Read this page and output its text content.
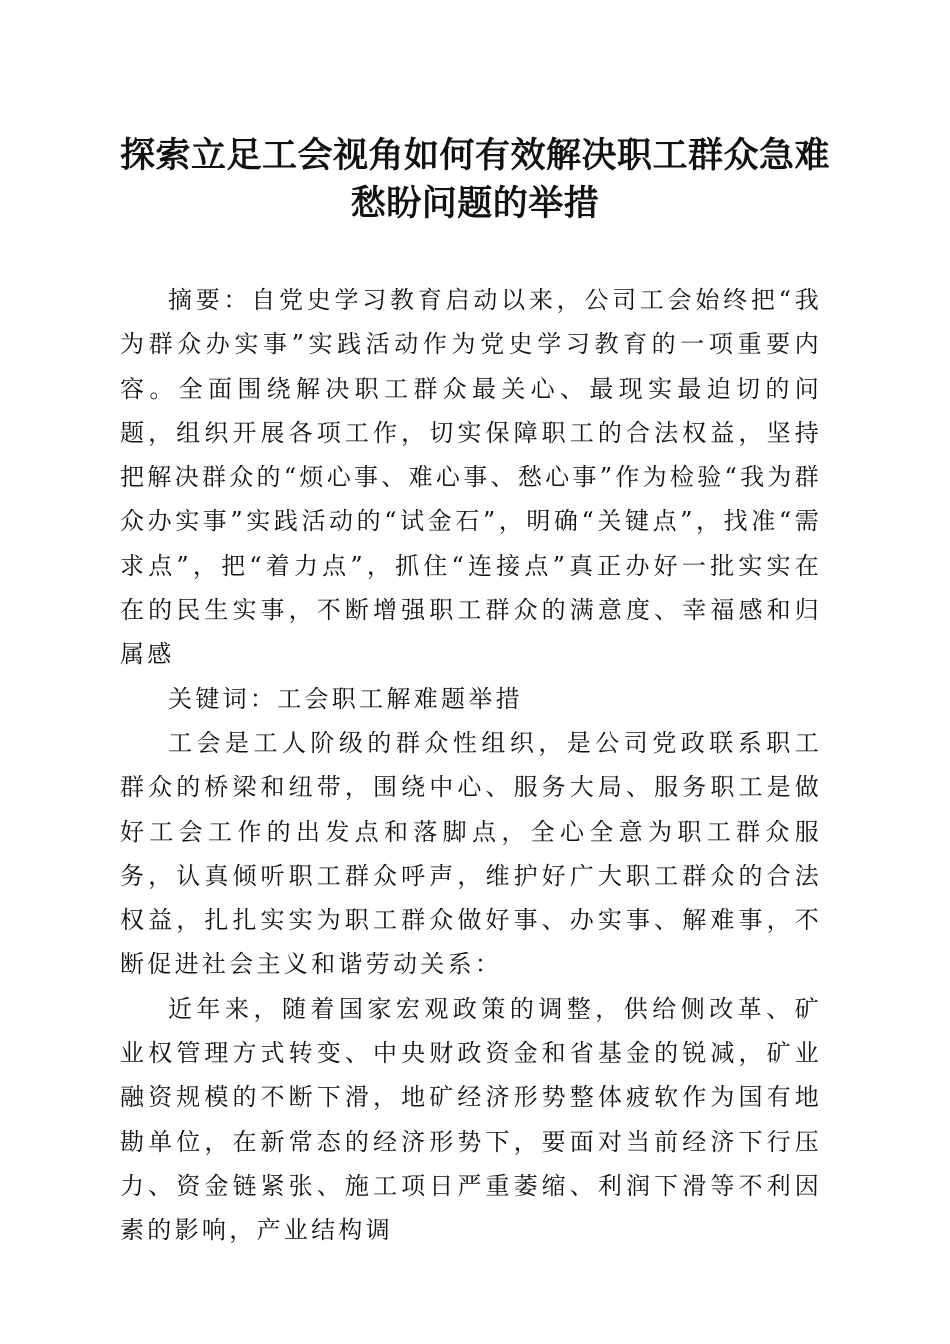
探索立足工会视角如何有效解决职工群众急难愁盼问题的举措

摘要：自党史学习教育启动以来，公司工会始终把“我为群众办实事”实践活动作为党史学习教育的一项重要内容。全面围绕解决职工群众最关心、最现实最迫切的问题，组织开展各项工作，切实保障职工的合法权益，坚持把解决群众的“烦心事、难心事、愁心事”作为检验“我为群众办实事”实践活动的“试金石”，明确“关键点”，找准“需求点”，把“着力点”，抓住“连接点”真正办好一批实实在在的民生实事，不断增强职工群众的满意度、幸福感和归属感

关键词：工会职工解难题举措

工会是工人阶级的群众性组织，是公司党政联系职工群众的桥梁和纽带，围绕中心、服务大局、服务职工是做好工会工作的出发点和落脚点，全心全意为职工群众服务，认真倾听职工群众呼声，维护好广大职工群众的合法权益，扎扎实实为职工群众做好事、办实事、解难事，不断促进社会主义和谐劳动关系：

近年来，随着国家宏观政策的调整，供给侧改革、矿业权管理方式转变、中央财政资金和省基金的锐减，矿业融资规模的不断下滑，地矿经济形势整体疲软作为国有地勘单位，在新常态的经济形势下，要面对当前经济下行压力、资金链紧张、施工项日严重萎缩、利润下滑等不利因素的影响，产业结构调
